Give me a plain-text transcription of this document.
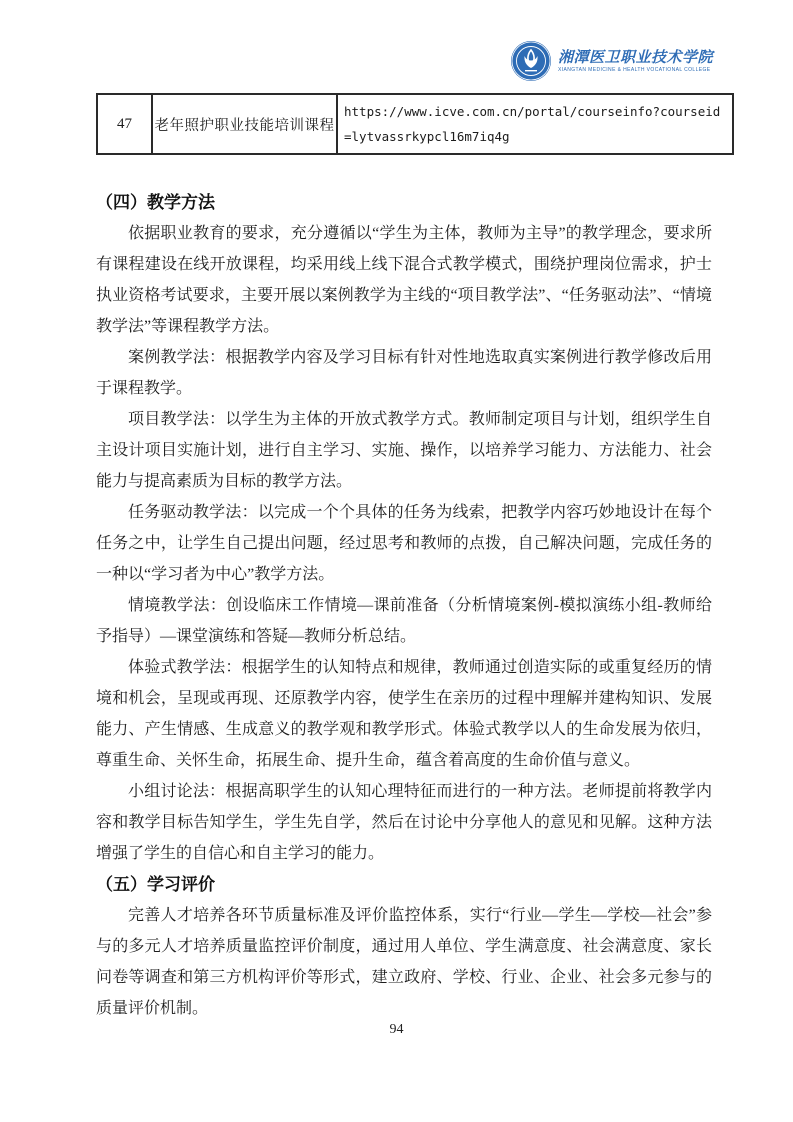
湘潭医卫职业技术学院
XIANGTAN MEDICINE & HEALTH VOCATIONAL COLLEGE
47	老年照护职业技能培训课程	https://www.icve.com.cn/portal/courseinfo?courseid
=lytvassrkypcl16m7iq4g
（四）教学方法

依据职业教育的要求，充分遵循以“学生为主体，教师为主导”的教学理念，要求所有课程建设在线开放课程，均采用线上线下混合式教学模式，围绕护理岗位需求，护士执业资格考试要求，主要开展以案例教学为主线的“项目教学法”、“任务驱动法”、“情境教学法”等课程教学方法。

案例教学法：根据教学内容及学习目标有针对性地选取真实案例进行教学修改后用于课程教学。

项目教学法：以学生为主体的开放式教学方式。教师制定项目与计划，组织学生自主设计项目实施计划，进行自主学习、实施、操作，以培养学习能力、方法能力、社会能力与提高素质为目标的教学方法。

任务驱动教学法：以完成一个个具体的任务为线索，把教学内容巧妙地设计在每个任务之中，让学生自己提出问题，经过思考和教师的点拨，自己解决问题，完成任务的一种以“学习者为中心”教学方法。

情境教学法：创设临床工作情境—课前准备（分析情境案例-模拟演练小组-教师给予指导）—课堂演练和答疑—教师分析总结。

体验式教学法：根据学生的认知特点和规律，教师通过创造实际的或重复经历的情境和机会，呈现或再现、还原教学内容，使学生在亲历的过程中理解并建构知识、发展能力、产生情感、生成意义的教学观和教学形式。体验式教学以人的生命发展为依归，尊重生命、关怀生命，拓展生命、提升生命，蕴含着高度的生命价值与意义。

小组讨论法：根据高职学生的认知心理特征而进行的一种方法。老师提前将教学内容和教学目标告知学生，学生先自学，然后在讨论中分享他人的意见和见解。这种方法增强了学生的自信心和自主学习的能力。

（五）学习评价

完善人才培养各环节质量标准及评价监控体系，实行“行业—学生—学校—社会”参与的多元人才培养质量监控评价制度，通过用人单位、学生满意度、社会满意度、家长问卷等调查和第三方机构评价等形式，建立政府、学校、行业、企业、社会多元参与的质量评价机制。

94
